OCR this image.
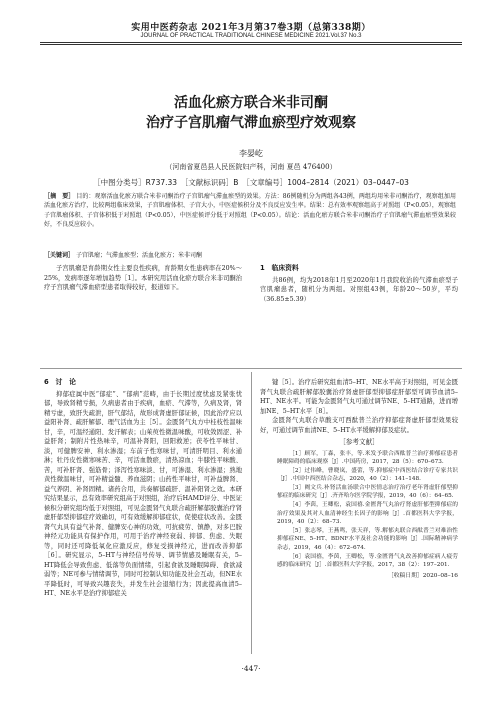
实用中医药杂志 2021年3月第37卷3期（总第338期）
JOURNAL OF PRACTICAL TRADITIONAL CHINESE MEDICINE 2021.Vol.37 No.3
活血化瘀方联合米非司酮
治疗子宫肌瘤气滞血瘀型疗效观察
李晏屹
（河南省夏邑县人民医院妇产科，河南 夏邑 476400）
［中图分类号］R737.33　［文献标识码］B　［文章编号］1004–2814（2021）03–0447–03
［摘　要］ 目的：观察活血化瘀方联合米非司酮治疗子宫肌瘤气滞血瘀型的效果。方法：86例随机分为两组各43例，两组均用米非司酮治疗，观察组加用活血化瘀方治疗，比较两组临床效果，子宫肌瘤体积、子宫大小，中医症候积分及不良反应发生率。结果：总有效率观察组高于对照组（P<0.05），观察组子宫肌瘤体积、子宫体积低于对照组（P<0.05），中医症候评分低于对照组（P<0.05）。结论：活血化瘀方联合米非司酮治疗子宫肌瘤气滞血瘀型效果较好，不良反应较小。
［关键词］ 子宫肌瘤；气滞血瘀型；活血化瘀方；米非司酮

子宫肌瘤是育龄期女性主要良性疾病，育龄期女性患病率在20%～25%，发病率逐年增加趋势［1］。本研究用活血化瘀方联合米非司酮治疗子宫肌瘤气滞血瘀型患者取得较好，报道如下。

1　临床资料

共86例，均为2018年1月至2020年1月我院收治的气滞血瘀型子宫肌瘤患者，随机分为两组。对照组43例，年龄20～50岁，平均（36.85±5.39）

6　讨　论

抑郁症属中医“郁症”、“郁病”范畴，由于长期过度忧虑及紧张忧郁，导致肾精亏损，久病患者由于疾病，血瘀、气滞等，久病及肾，肾精亏虚，致肝失疏泄，肝气郁结，故形成肾虚肝郁证候，因此治疗应以益阳补肾、疏肝解郁、理气活血为主［5］。金匮肾气丸方中桂枝性温味甘，辛，可温经通阳、发汗解表；山茱萸性微温味酸，可收敛固涩、补益肝肾；制附片性热味辛，可温补肾阳，回阳救逆；茯苓性平味甘、淡，可健脾安神、利水渗湿；车前子性寒味甘，可清肝明目、利水通淋；牡丹皮性微寒味苦、辛，可活血散瘀，清热凉血；牛膝性平味酸、苦，可补肝肾、强筋骨；泽泻性寒味淡、甘，可渗湿、利水渗湿；熟地黄性微温味甘，可补精益髓、养血滋阴；山药性平味甘，可补益脾肾、益气养阴、补肾固精。诸药合用，共奏解郁疏肝、温补阳肾之效。本研究结果显示，总有效率研究组高于对照组，治疗后HAMD评分、中医证候积分研究组均低于对照组，可见金匮肾气丸联合疏肝解郁胶囊治疗肾虚肝郁型抑郁症疗效确切，可有效缓解抑郁症状，促使症状改善。金匮肾气丸具有益气补肾、健脾安心神的功效，可抗疲劳、镇静，对多巴胺神经元功能具有保护作用，可用于治疗神经衰弱、抑郁、焦虑、失眠等，同时还可降低氧化应激反应，修复受损神经元，进而改善抑郁［6］。研究显示，5–HT与神经信号传导、调节情感及睡眠有关，5–HT降低会导致焦虑、低落等负面情绪，引起食欲及睡眠障碍、食欲减弱等；NE可参与情绪调节，同时可控制认知功能及社会互动，但NE水平降低时，可导致兴趣丧失，并发生社会退缩行为；因此提高血清5–HT、NE水平是治疗抑郁症关

键［5］。治疗后研究组血清5–HT、NE水平高于对照组，可见金匮肾气丸联合疏肝解郁胶囊治疗肾虚肝郁型抑郁症肝郁型可调节血清5–HT、NE水平。可能为金匮肾气丸可通过调节NE、5–HT通路，进而增加NE、5–HT水平［8］。

金匮肾气丸联合草酸支可西酞普兰治疗抑郁症肾虚肝郁型效果较好，可通过调节血清NE、5–HT水平缓解抑郁及症状。

［参考文献］

［1］顾军，丁森，张丰，等.米发予联合西酞普兰治疗抑郁症患者睡眠障碍的临床观察［J］.中国药房，2017，28（5）：670–673.

［2］过伟峰，曹晓岚，盛蕾，等.抑郁症中西医结合诊疗专家共识［J］.中国中西医结合杂志，2020，40（2）：141–148.

［3］阙文兵.补肾活血汤联合中医情志治疗治疗老年肾虚肝郁型抑郁症的临床研究［J］.齐齐哈尔医学院学报，2019，40（6）：64–65.

［4］李茵，王卿松，袁国禧.金匮肾气丸治疗肾虚肝郁型抑郁症的治疗效果及其对人血清神经生长因子的影响［J］.首都医科大学学报，2019，40（2）：68–73.

［5］张志琴，王燕鸣，张天祥，等.解郁丸联合西酞普兰对难治性抑郁症NE、5–HT、BDNF水平及社会功能的影响［J］.国际精神病学杂志，2019，46（4）：672–674.

［6］袁国禧，李茵，王卿松，等.金匮肾气丸改善抑郁症病人疲劳感的临床研究［J］.首都医科大学学报，2017，38（2）：197–201.

［收稿日期］2020–08–16
·447·
